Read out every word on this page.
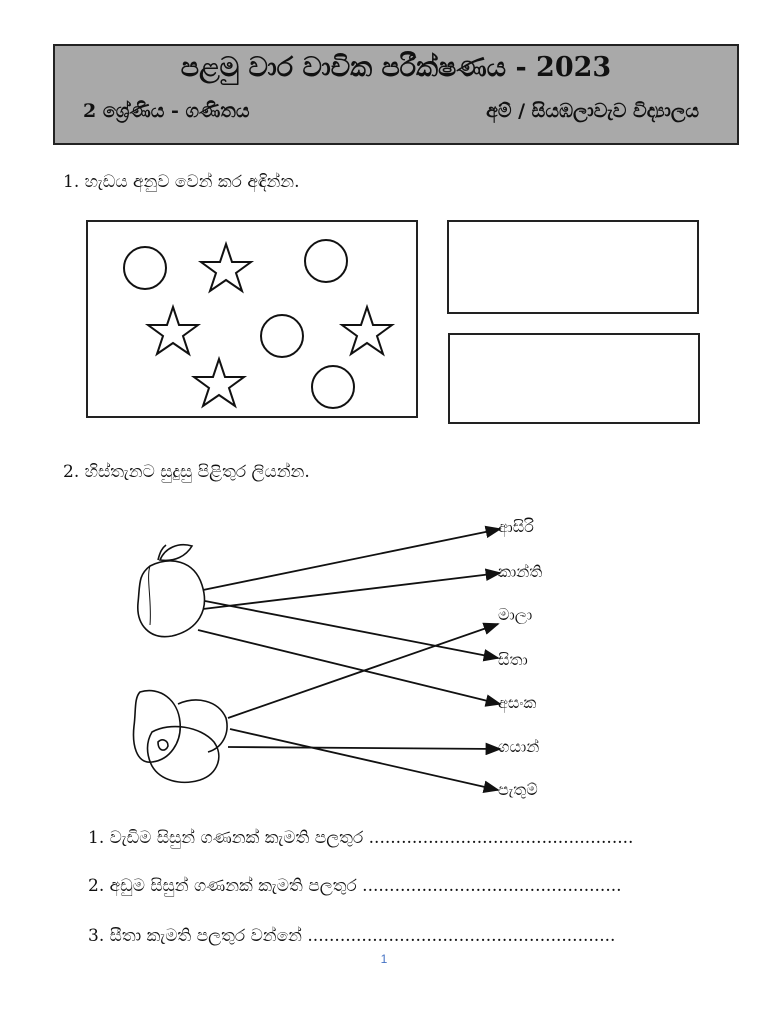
පළමු වාර වාචික පරීක්ෂණය - 2023
2 ශ්‍රේණිය - ගණිතය	අම් / සියඹලාවැව විද්‍යාලය
1. හැඩය අනුව වෙන් කර අඳින්න.
2. හිස්තැනට සුදුසු පිළිතුර ලියන්න.
ආසිරි
කාන්ති
මාලා
සිතා
අසංක
ගයාන්
පැතුම්
1. වැඩිම සිසුන් ගණනක් කැමති පලතුර .................................................
2. අඩුම සිසුන් ගණනක් කැමති පලතුර ................................................
3. සීතා කැමති පලතුර වන්නේ .........................................................
1
